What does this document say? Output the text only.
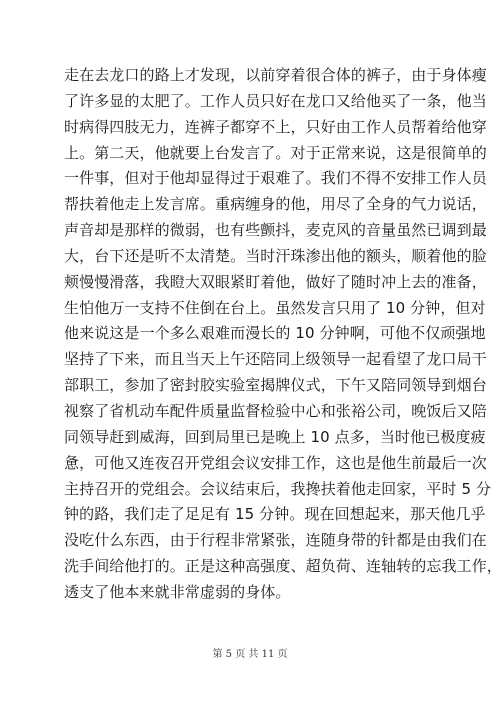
走在去龙口的路上才发现，以前穿着很合体的裤子，由于身体瘦
了许多显的太肥了。工作人员只好在龙口又给他买了一条，他当
时病得四肢无力，连裤子都穿不上，只好由工作人员帮着给他穿
上。第二天，他就要上台发言了。对于正常来说，这是很简单的
一件事，但对于他却显得过于艰难了。我们不得不安排工作人员
帮扶着他走上发言席。重病缠身的他，用尽了全身的气力说话，
声音却是那样的微弱，也有些颤抖，麦克风的音量虽然已调到最
大，台下还是听不太清楚。当时汗珠渗出他的额头，顺着他的脸
颊慢慢滑落，我瞪大双眼紧盯着他，做好了随时冲上去的准备，
生怕他万一支持不住倒在台上。虽然发言只用了 10 分钟，但对
他来说这是一个多么艰难而漫长的 10 分钟啊，可他不仅顽强地
坚持了下来，而且当天上午还陪同上级领导一起看望了龙口局干
部职工，参加了密封胶实验室揭牌仪式，下午又陪同领导到烟台
视察了省机动车配件质量监督检验中心和张裕公司，晚饭后又陪
同领导赶到威海，回到局里已是晚上 10 点多，当时他已极度疲
惫，可他又连夜召开党组会议安排工作，这也是他生前最后一次
主持召开的党组会。会议结束后，我搀扶着他走回家，平时 5 分
钟的路，我们走了足足有 15 分钟。现在回想起来，那天他几乎
没吃什么东西，由于行程非常紧张，连随身带的针都是由我们在
洗手间给他打的。正是这种高强度、超负荷、连轴转的忘我工作，
透支了他本来就非常虚弱的身体。
第 5 页 共 11 页
